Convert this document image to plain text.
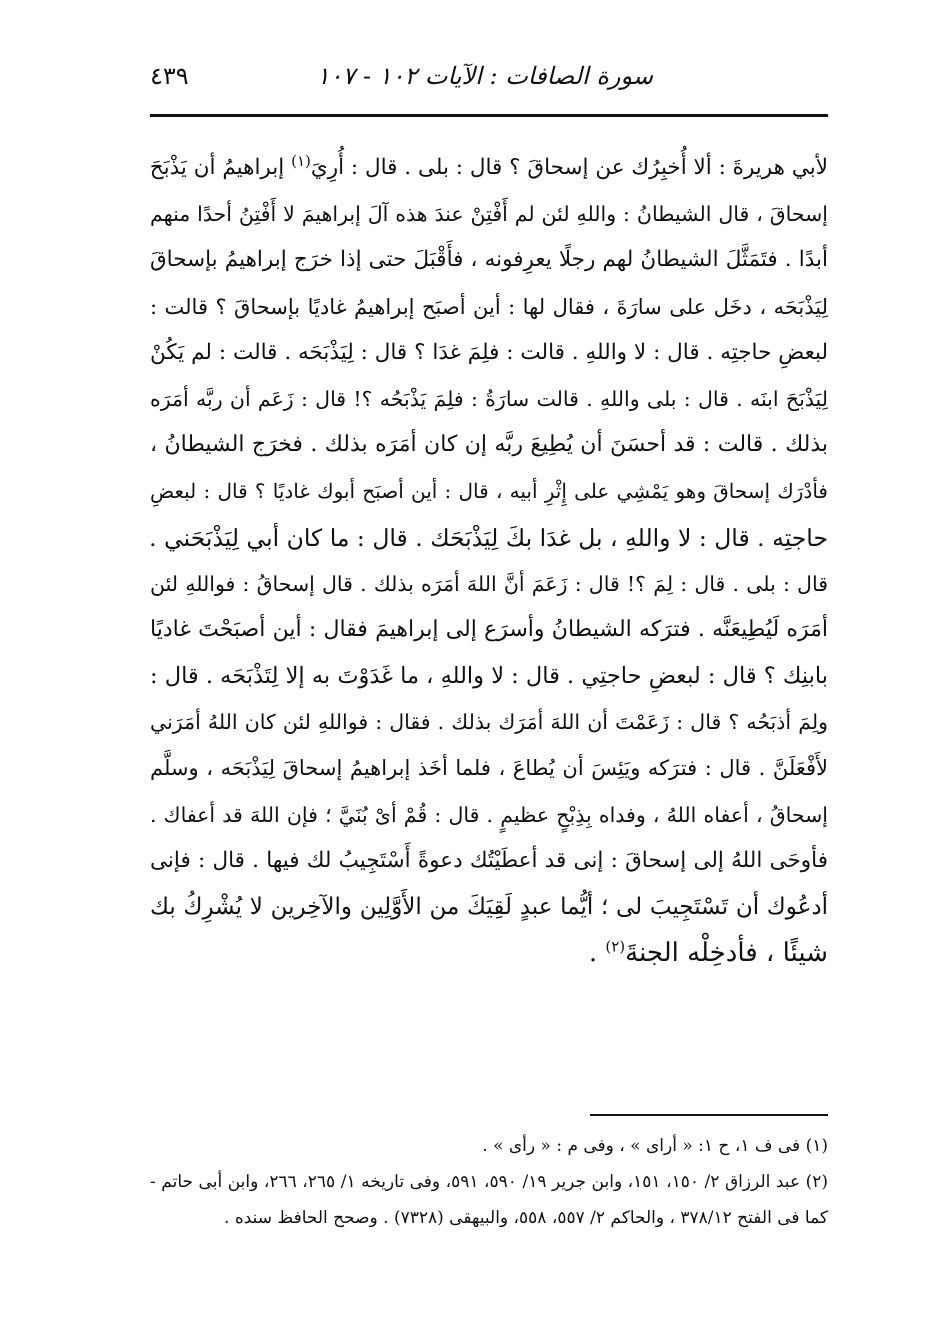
سورة الصافات : الآيات ١٠٢ - ١٠٧
٤٣٩
لأبي هريرةَ : ألا أُخبِرُك عن إسحاقَ ؟ قال : بلى . قال : أُرِيَ$^{(١)}$ إبراهيمُ أن يَذْبَحَ
إسحاقَ ، قال الشيطانُ : واللهِ لئن لم أَفْتِنْ عندَ هذه آلَ إبراهيمَ لا أَفْتِنُ أحدًا منهم
أبدًا . فتَمَثَّلَ الشيطانُ لهم رجلًا يعرِفونه ، فأَقْبَلَ حتى إذا خرَج إبراهيمُ بإسحاقَ
لِيَذْبَحَه ، دخَل على سارَةَ ، فقال لها : أين أصبَح إبراهيمُ غاديًا بإسحاقَ ؟ قالت :
لبعضِ حاجتِه . قال : لا واللهِ . قالت : فلِمَ غدَا ؟ قال : لِيَذْبَحَه . قالت : لم يَكُنْ
لِيَذْبَحَ ابنَه . قال : بلى واللهِ . قالت سارَةُ : فلِمَ يَذْبَحُه ؟! قال : زَعَم أن ربَّه أمَرَه
بذلك . قالت : قد أحسَنَ أن يُطِيعَ ربَّه إن كان أمَرَه بذلك . فخرَج الشيطانُ ،
فأدْرَك إسحاقَ وهو يَمْشِي على إِثْرِ أبيه ، قال : أين أصبَح أبوك غاديًا ؟ قال : لبعضِ
حاجتِه . قال : لا واللهِ ، بل غدَا بكَ لِيَذْبَحَك . قال : ما كان أبي لِيَذْبَحَني .
قال : بلى . قال : لِمَ ؟! قال : زَعَمَ أنَّ اللهَ أمَرَه بذلك . قال إسحاقُ : فواللهِ لئن
أمَرَه لَيُطِيعَنَّه . فترَكه الشيطانُ وأسرَع إلى إبراهيمَ فقال : أين أصبَحْتَ غاديًا
بابنِك ؟ قال : لبعضِ حاجتِي . قال : لا واللهِ ، ما غَدَوْتَ به إلا لِتَذْبَحَه . قال :
ولِمَ أذبَحُه ؟ قال : زَعَمْتَ أن اللهَ أمَرَك بذلك . فقال : فواللهِ لئن كان اللهُ أمَرَني
لأَفْعَلَنَّ . قال : فترَكه ويَئِسَ أن يُطاعَ ، فلما أخَذ إبراهيمُ إسحاقَ لِيَذْبَحَه ، وسلَّم
إسحاقُ ، أعفاه اللهُ ، وفداه بِذِبْحٍ عظيمٍ . قال : قُمْ أىْ بُنَيَّ ؛ فإن اللهَ قد أعفاك .
فأوحَى اللهُ إلى إسحاقَ : إنى قد أعطَيْتُك دعوةً أَسْتَجِيبُ لك فيها . قال : فإنى
أدعُوك أن تَسْتَجِيبَ لى ؛ أيُّما عبدٍ لَقِيَكَ من الأَوَّلِين والآخِرين لا يُشْرِكُ بك
شيئًا ، فأدخِلْه الجنةَ$^{(٢)}$ .
(١) فى ف ١، ح ١: « أراى » ، وفى م : « رأى » .
(٢) عبد الرزاق ٢/ ١٥٠، ١٥١، وابن جرير ١٩/ ٥٩٠، ٥٩١، وفى تاريخه ١/ ٢٦٥، ٢٦٦، وابن أبى حاتم -
كما فى الفتح ٣٧٨/١٢ ، والحاكم ٢/ ٥٥٧، ٥٥٨، والبيهقى (٧٣٢٨) . وصحح الحافظ سنده .
